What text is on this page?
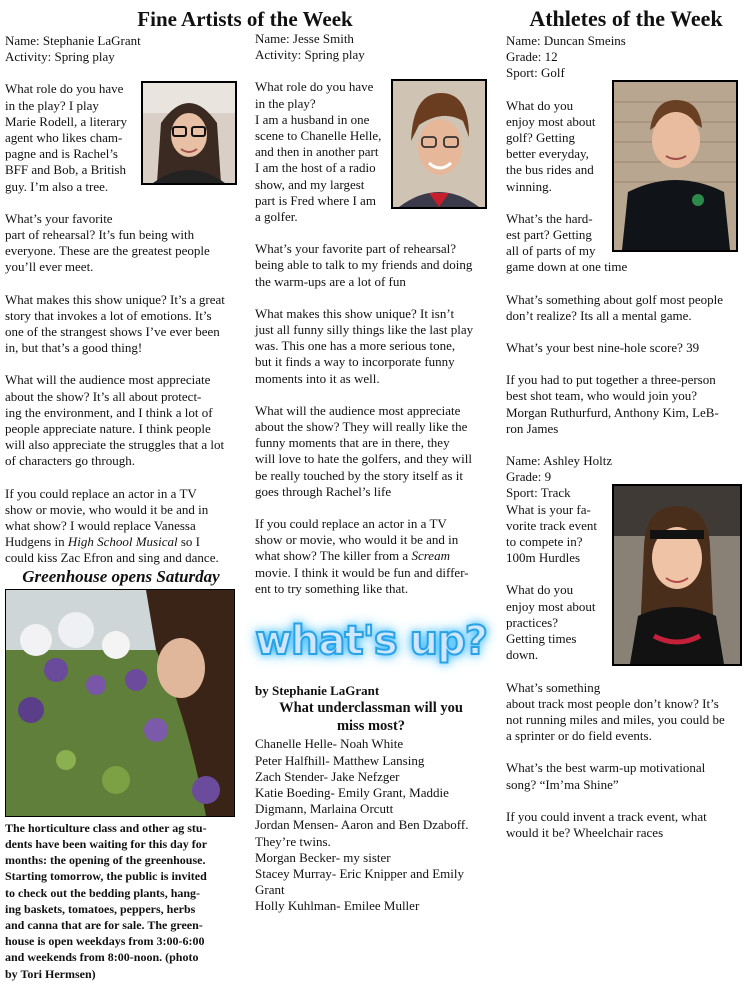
Fine Artists of the Week
Name: Stephanie LaGrant
Activity: Spring play
What role do you have
in the play? I play
Marie Rodell, a literary
agent who likes cham-
pagne and is Rachel’s
BFF and Bob, a British
guy. I’m also a tree.
What’s your favorite
part of rehearsal? It’s fun being with
everyone. These are the greatest people
you’ll ever meet.
What makes this show unique? It’s a great
story that invokes a lot of emotions. It’s
one of the strangest shows I’ve ever been
in, but that’s a good thing!
What will the audience most appreciate
about the show? It’s all about protect-
ing the environment, and I think a lot of
people appreciate nature. I think people
will also appreciate the struggles that a lot
of characters go through.
If you could replace an actor in a TV
show or movie, who would it be and in
what show? I would replace Vanessa
Hudgens in High School Musical so I
could kiss Zac Efron and sing and dance.
Greenhouse opens Saturday
The horticulture class and other ag stu-
dents have been waiting for this day for
months: the opening of the greenhouse.
Starting tomorrow, the public is invited
to check out the bedding plants, hang-
ing baskets, tomatoes, peppers, herbs
and canna that are for sale. The green-
house is open weekdays from 3:00-6:00
and weekends from 8:00-noon. (photo
by Tori Hermsen)
Name: Jesse Smith
Activity: Spring play
What role do you have
in the play?
I am a husband in one
scene to Chanelle Helle,
and then in another part
I am the host of a radio
show, and my largest
part is Fred where I am
a golfer.
What’s your favorite part of rehearsal?
being able to talk to my friends and doing
the warm-ups are a lot of fun
What makes this show unique? It isn’t
just all funny silly things like the last play
was. This one has a more serious tone,
but it finds a way to incorporate funny
moments into it as well.
What will the audience most appreciate
about the show? They will really like the
funny moments that are in there, they
will love to hate the golfers, and they will
be really touched by the story itself as it
goes through Rachel’s life
If you could replace an actor in a TV
show or movie, who would it be and in
what show? The killer from a Scream
movie. I think it would be fun and differ-
ent to try something like that.
what's up?
by Stephanie LaGrant
What underclassman will you
miss most?
Chanelle Helle- Noah White
Peter Halfhill- Matthew Lansing
Zach Stender- Jake Nefzger
Katie Boeding- Emily Grant, Maddie
Digmann, Marlaina Orcutt
Jordan Mensen- Aaron and Ben Dzaboff.
They’re twins.
Morgan Becker- my sister
Stacey Murray- Eric Knipper and Emily
Grant
Holly Kuhlman- Emilee Muller
Athletes of the Week
Name: Duncan Smeins
Grade: 12
Sport: Golf
What do you
enjoy most about
golf? Getting
better everyday,
the bus rides and
winning.
What’s the hard-
est part? Getting
all of parts of my
game down at one time
What’s something about golf most people
don’t realize? Its all a mental game.
What’s your best nine-hole score? 39
If you had to put together a three-person
best shot team, who would join you?
Morgan Ruthurfurd, Anthony Kim, LeB-
ron James
Name: Ashley Holtz
Grade: 9
Sport: Track
What is your fa-
vorite track event
to compete in?
100m Hurdles
What do you
enjoy most about
practices?
Getting times
down.
What’s something
about track most people don’t know? It’s
not running miles and miles, you could be
a sprinter or do field events.
What’s the best warm-up motivational
song? “Im’ma Shine”
If you could invent a track event, what
would it be? Wheelchair races
